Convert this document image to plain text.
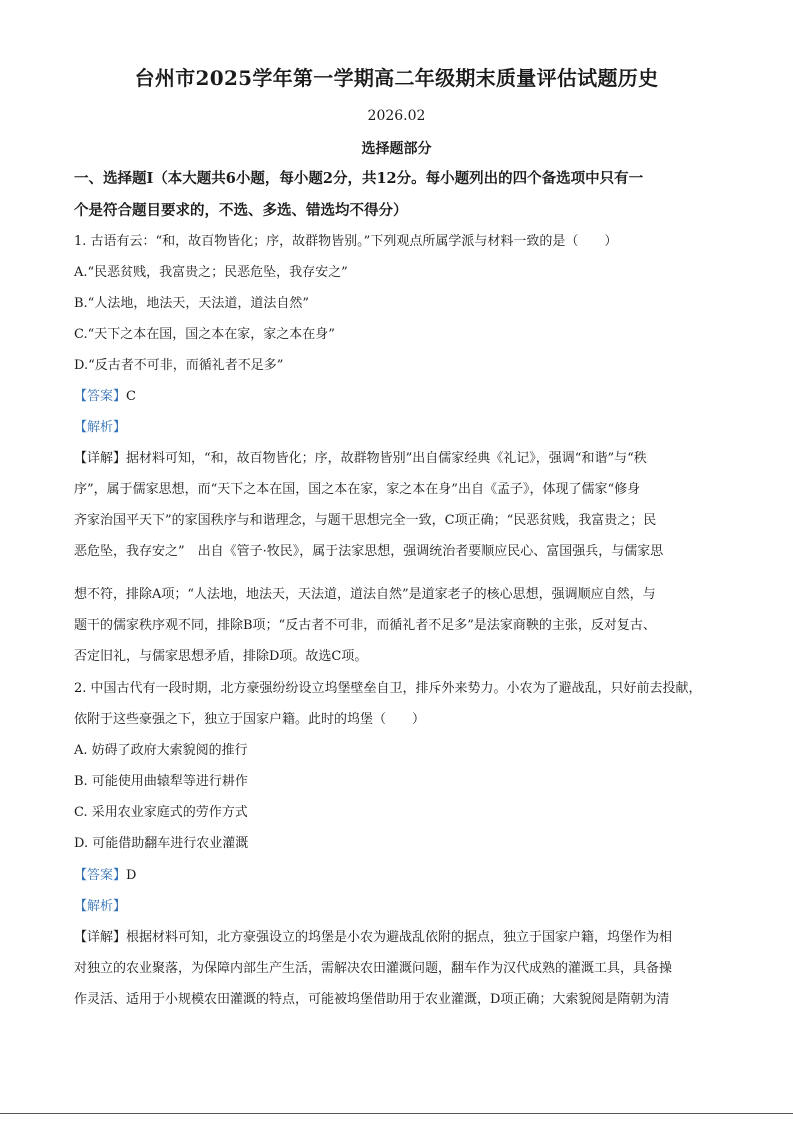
台州市2025学年第一学期高二年级期末质量评估试题历史
2026.02
选择题部分
一、选择题Ⅰ（本大题共6小题，每小题2分，共12分。每小题列出的四个备选项中只有一
个是符合题目要求的，不选、多选、错选均不得分）
1. 古语有云：“和，故百物皆化；序，故群物皆别。”下列观点所属学派与材料一致的是（　　）
A.“民恶贫贱，我富贵之；民恶危坠，我存安之”
B.“人法地，地法天，天法道，道法自然”
C.“天下之本在国，国之本在家，家之本在身”
D.“反古者不可非，而循礼者不足多”
【答案】C
【解析】
【详解】据材料可知，“和，故百物皆化；序，故群物皆别”出自儒家经典《礼记》，强调“和谐”与“秩
序”，属于儒家思想，而“天下之本在国，国之本在家，家之本在身”出自《孟子》，体现了儒家“修身
齐家治国平天下”的家国秩序与和谐理念，与题干思想完全一致，C项正确；“民恶贫贱，我富贵之；民
恶危坠，我存安之”　出自《管子·牧民》，属于法家思想，强调统治者要顺应民心、富国强兵，与儒家思
想不符，排除A项；“人法地，地法天，天法道，道法自然”是道家老子的核心思想，强调顺应自然，与
题干的儒家秩序观不同，排除B项；“反古者不可非，而循礼者不足多”是法家商鞅的主张，反对复古、
否定旧礼，与儒家思想矛盾，排除D项。故选C项。
2. 中国古代有一段时期，北方豪强纷纷设立坞堡壁垒自卫，排斥外来势力。小农为了避战乱，只好前去投献，
依附于这些豪强之下，独立于国家户籍。此时的坞堡（　　）
A. 妨碍了政府大索貌阅的推行
B. 可能使用曲辕犁等进行耕作
C. 采用农业家庭式的劳作方式
D. 可能借助翻车进行农业灌溉
【答案】D
【解析】
【详解】根据材料可知，北方豪强设立的坞堡是小农为避战乱依附的据点，独立于国家户籍，坞堡作为相
对独立的农业聚落，为保障内部生产生活，需解决农田灌溉问题，翻车作为汉代成熟的灌溉工具，具备操
作灵活、适用于小规模农田灌溉的特点，可能被坞堡借助用于农业灌溉，D项正确；大索貌阅是隋朝为清
